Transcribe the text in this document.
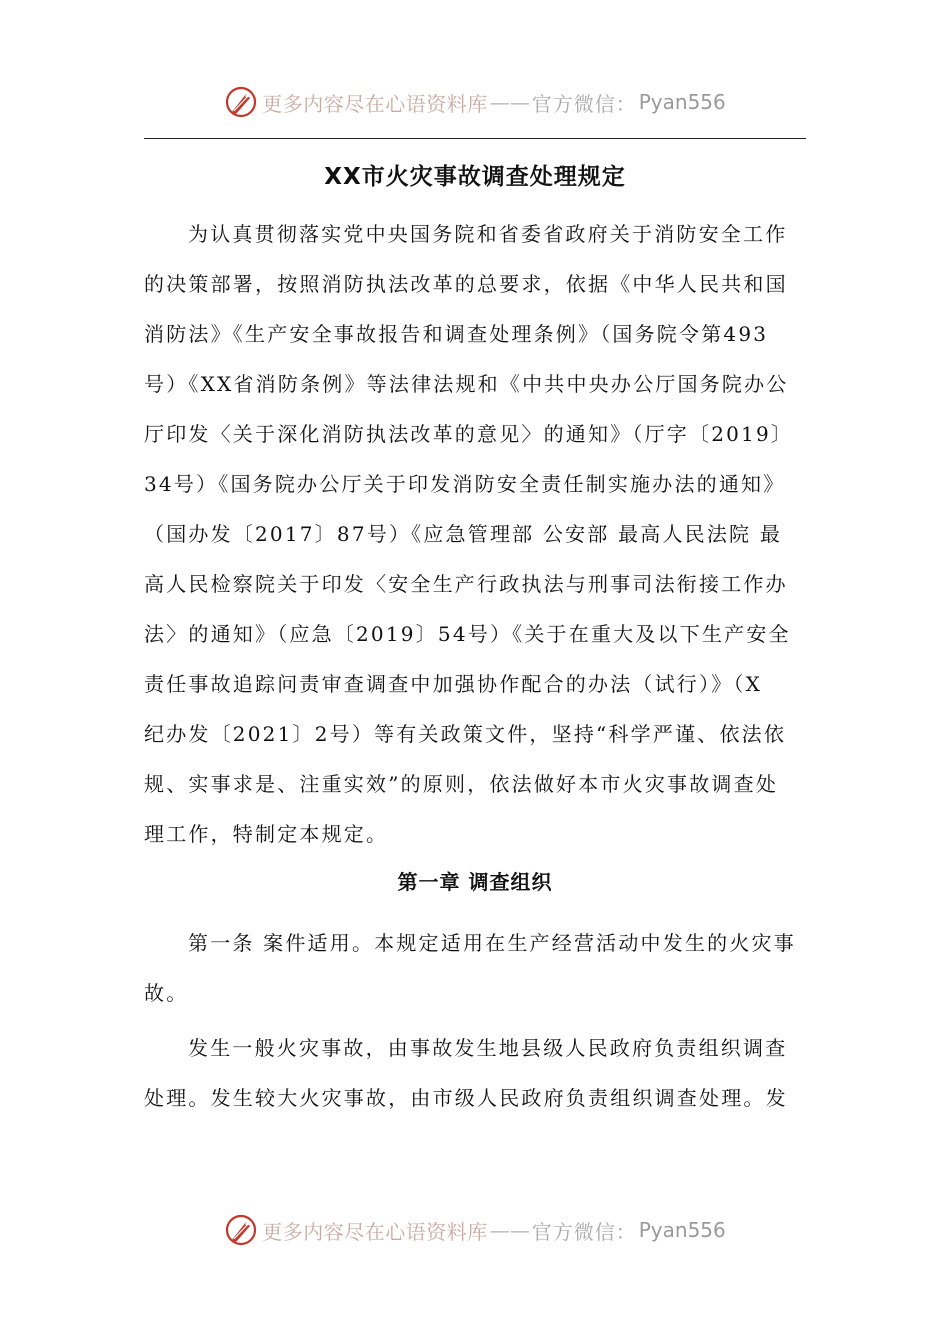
更多内容尽在心语资料库 —— 官方微信： Pyan556
XX市火灾事故调查处理规定
为认真贯彻落实党中央国务院和省委省政府关于消防安全工作
的决策部署，按照消防执法改革的总要求，依据《中华人民共和国
消防法》《生产安全事故报告和调查处理条例》（国务院令第493
号）《XX省消防条例》等法律法规和《中共中央办公厅国务院办公
厅印发〈关于深化消防执法改革的意见〉的通知》（厅字〔2019〕
34号）《国务院办公厅关于印发消防安全责任制实施办法的通知》
（国办发〔2017〕87号）《应急管理部 公安部 最高人民法院 最
高人民检察院关于印发〈安全生产行政执法与刑事司法衔接工作办
法〉的通知》（应急〔2019〕54号）《关于在重大及以下生产安全
责任事故追踪问责审查调查中加强协作配合的办法（试行）》（X
纪办发〔2021〕2号）等有关政策文件，坚持“科学严谨、依法依
规、实事求是、注重实效”的原则，依法做好本市火灾事故调查处
理工作，特制定本规定。
第一章 调查组织
第一条 案件适用。本规定适用在生产经营活动中发生的火灾事
故。
发生一般火灾事故，由事故发生地县级人民政府负责组织调查
处理。发生较大火灾事故，由市级人民政府负责组织调查处理。发
更多内容尽在心语资料库 —— 官方微信： Pyan556
